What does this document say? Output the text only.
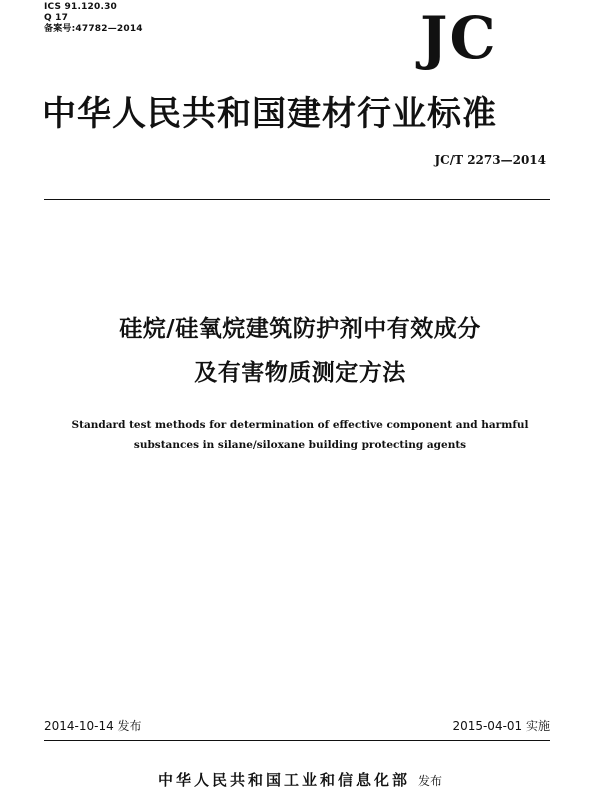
ICS 91.120.30
Q 17
备案号:47782—2014	JC
中华人民共和国建材行业标准
JC/T 2273—2014
硅烷/硅氧烷建筑防护剂中有效成分
及有害物质测定方法
Standard test methods for determination of effective component and harmful
substances in silane/siloxane building protecting agents
2014-10-14 发布	2015-04-01 实施
中华人民共和国工业和信息化部 发布
